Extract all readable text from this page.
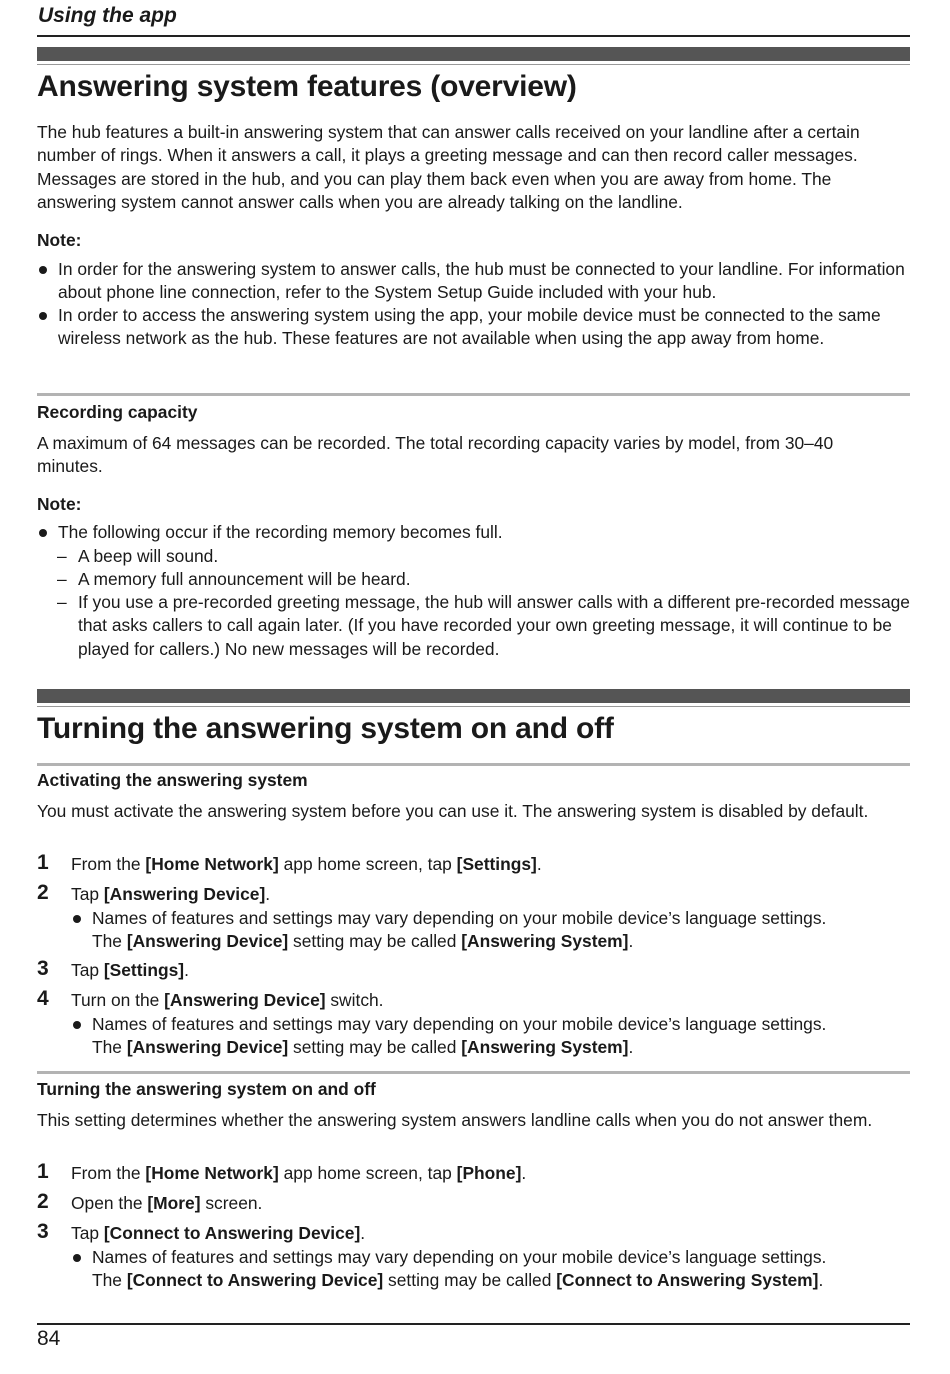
Using the app
Answering system features (overview)
The hub features a built-in answering system that can answer calls received on your landline after a certain number of rings. When it answers a call, it plays a greeting message and can then record caller messages. Messages are stored in the hub, and you can play them back even when you are away from home. The answering system cannot answer calls when you are already talking on the landline.
Note:
In order for the answering system to answer calls, the hub must be connected to your landline. For information about phone line connection, refer to the System Setup Guide included with your hub.
In order to access the answering system using the app, your mobile device must be connected to the same wireless network as the hub. These features are not available when using the app away from home.
Recording capacity
A maximum of 64 messages can be recorded. The total recording capacity varies by model, from 30–40 minutes.
Note:
The following occur if the recording memory becomes full.
– A beep will sound.
– A memory full announcement will be heard.
– If you use a pre-recorded greeting message, the hub will answer calls with a different pre-recorded message that asks callers to call again later. (If you have recorded your own greeting message, it will continue to be played for callers.) No new messages will be recorded.
Turning the answering system on and off
Activating the answering system
You must activate the answering system before you can use it. The answering system is disabled by default.
1 From the [Home Network] app home screen, tap [Settings].
2 Tap [Answering Device].
Names of features and settings may vary depending on your mobile device’s language settings.
The [Answering Device] setting may be called [Answering System].
3 Tap [Settings].
4 Turn on the [Answering Device] switch.
Names of features and settings may vary depending on your mobile device’s language settings.
The [Answering Device] setting may be called [Answering System].
Turning the answering system on and off
This setting determines whether the answering system answers landline calls when you do not answer them.
1 From the [Home Network] app home screen, tap [Phone].
2 Open the [More] screen.
3 Tap [Connect to Answering Device].
Names of features and settings may vary depending on your mobile device’s language settings.
The [Connect to Answering Device] setting may be called [Connect to Answering System].
84
